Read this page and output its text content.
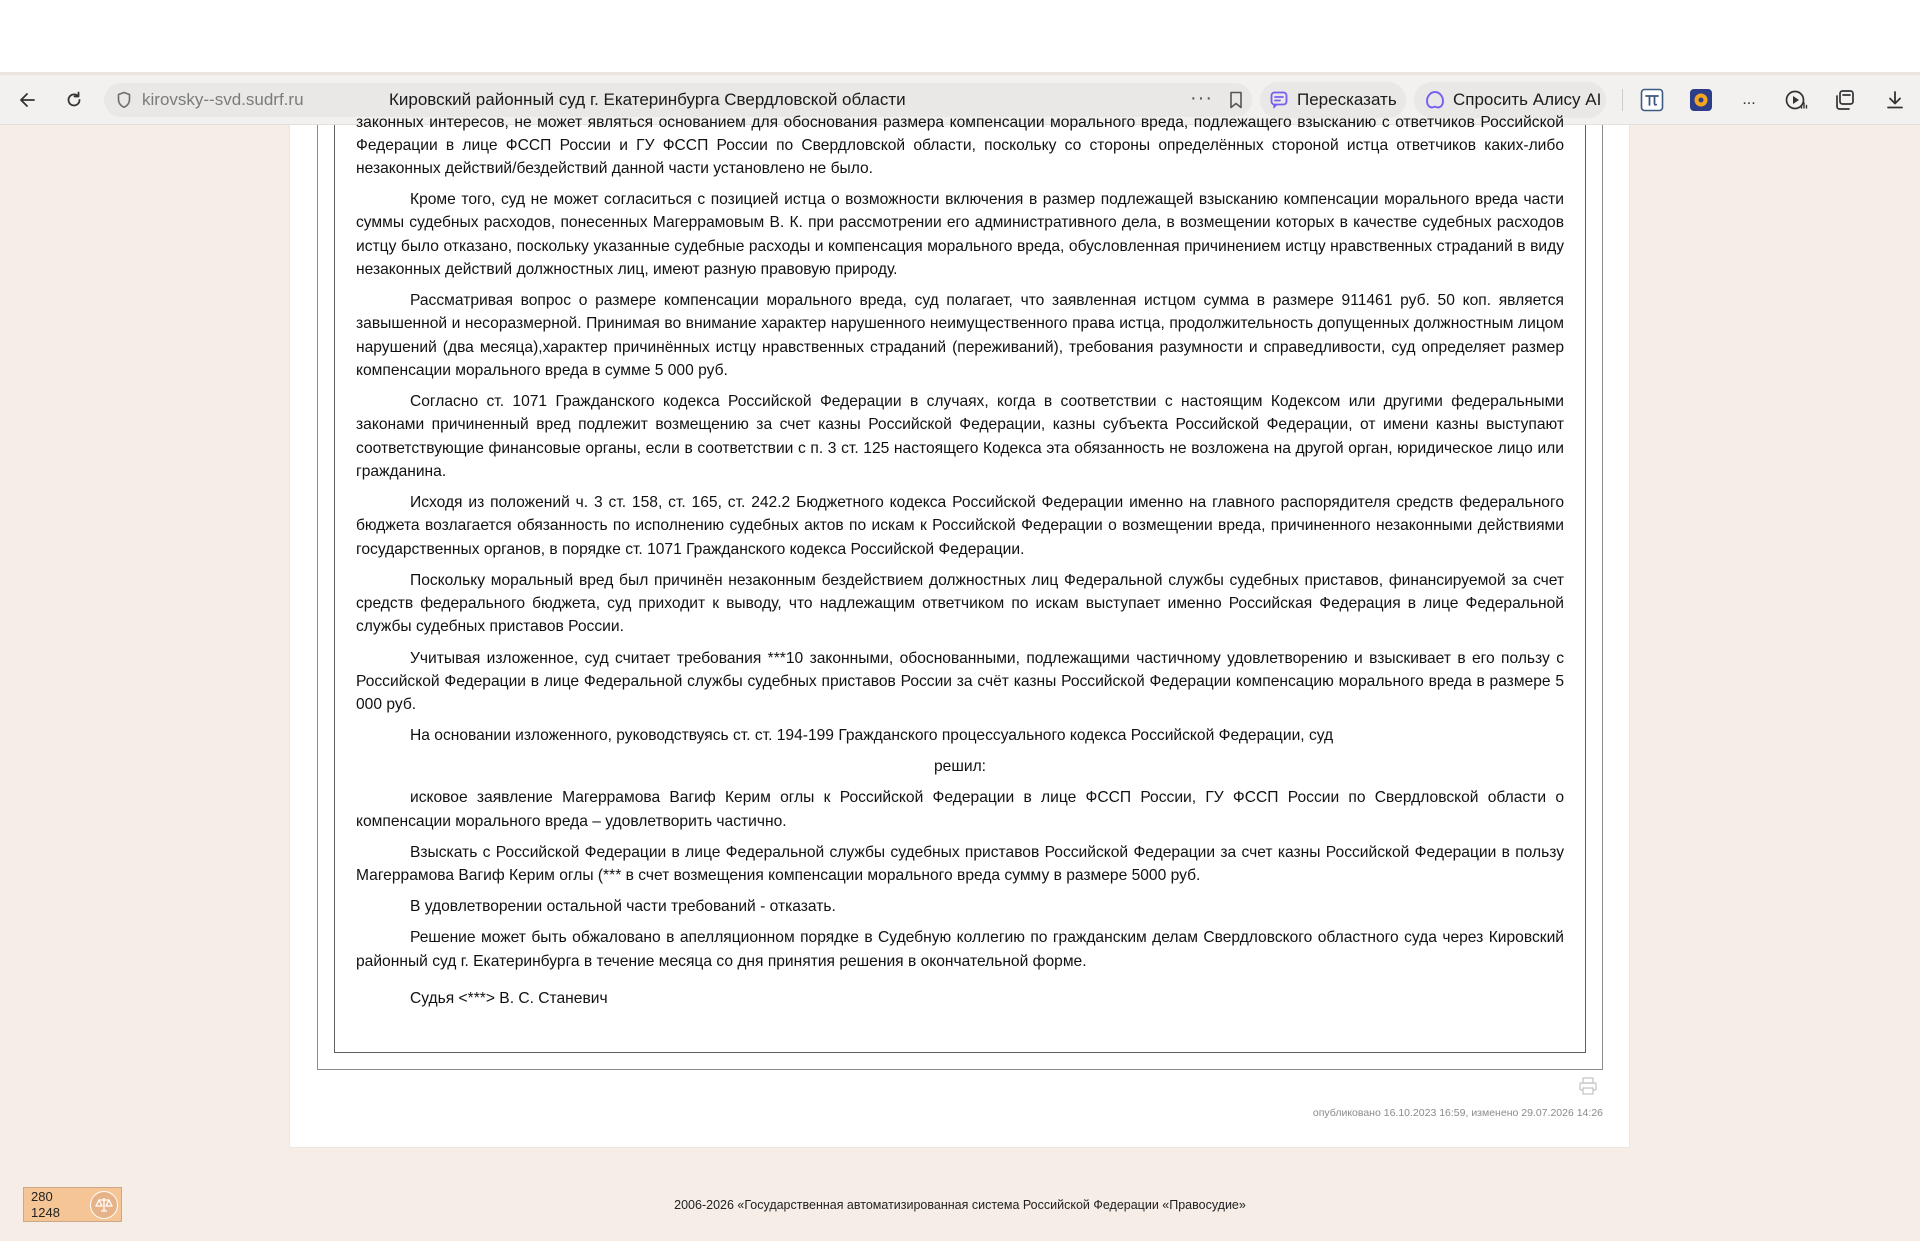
kirovsky--svd.sudrf.ru	Кировский районный суд г. Екатеринбурга Свердловской области	···	Пересказать	Спросить Алису AI	...

законных интересов, не может являться основанием для обоснования размера компенсации морального вреда, подлежащего взысканию с ответчиков Российской Федерации в лице ФССП России и ГУ ФССП России по Свердловской области, поскольку со стороны определённых стороной истца ответчиков каких-либо незаконных действий/бездействий данной части установлено не было.

Кроме того, суд не может согласиться с позицией истца о возможности включения в размер подлежащей взысканию компенсации морального вреда части суммы судебных расходов, понесенных Магеррамовым В. К. при рассмотрении его административного дела, в возмещении которых в качестве судебных расходов истцу было отказано, поскольку указанные судебные расходы и компенсация морального вреда, обусловленная причинением истцу нравственных страданий в виду незаконных действий должностных лиц, имеют разную правовую природу.

Рассматривая вопрос о размере компенсации морального вреда, суд полагает, что заявленная истцом сумма в размере 911461 руб. 50 коп. является завышенной и несоразмерной. Принимая во внимание характер нарушенного неимущественного права истца, продолжительность допущенных должностным лицом нарушений (два месяца),характер причинённых истцу нравственных страданий (переживаний), требования разумности и справедливости, суд определяет размер компенсации морального вреда в сумме 5 000 руб.

Согласно ст. 1071 Гражданского кодекса Российской Федерации в случаях, когда в соответствии с настоящим Кодексом или другими федеральными законами причиненный вред подлежит возмещению за счет казны Российской Федерации, казны субъекта Российской Федерации, от имени казны выступают соответствующие финансовые органы, если в соответствии с п. 3 ст. 125 настоящего Кодекса эта обязанность не возложена на другой орган, юридическое лицо или гражданина.

Исходя из положений ч. 3 ст. 158, ст. 165, ст. 242.2 Бюджетного кодекса Российской Федерации именно на главного распорядителя средств федерального бюджета возлагается обязанность по исполнению судебных актов по искам к Российской Федерации о возмещении вреда, причиненного незаконными действиями государственных органов, в порядке ст. 1071 Гражданского кодекса Российской Федерации.

Поскольку моральный вред был причинён незаконным бездействием должностных лиц Федеральной службы судебных приставов, финансируемой за счет средств федерального бюджета, суд приходит к выводу, что надлежащим ответчиком по искам выступает именно Российская Федерация в лице Федеральной службы судебных приставов России.

Учитывая изложенное, суд считает требования ***10 законными, обоснованными, подлежащими частичному удовлетворению и взыскивает в его пользу с Российской Федерации в лице Федеральной службы судебных приставов России за счёт казны Российской Федерации компенсацию морального вреда в размере 5 000 руб.

На основании изложенного, руководствуясь ст. ст. 194-199 Гражданского процессуального кодекса Российской Федерации, суд

решил:

исковое заявление Магеррамова Вагиф Керим оглы к Российской Федерации в лице ФССП России, ГУ ФССП России по Свердловской области о компенсации морального вреда – удовлетворить частично.

Взыскать с Российской Федерации в лице Федеральной службы судебных приставов Российской Федерации за счет казны Российской Федерации в пользу Магеррамова Вагиф Керим оглы (*** в счет возмещения компенсации морального вреда сумму в размере 5000 руб.

В удовлетворении остальной части требований - отказать.

Решение может быть обжаловано в апелляционном порядке в Судебную коллегию по гражданским делам Свердловского областного суда через Кировский районный суд г. Екатеринбурга в течение месяца со дня принятия решения в окончательной форме.

Судья <***> В. С. Станевич

опубликовано 16.10.2023 16:59, изменено 29.07.2026 14:26
280
1248	2006-2026 «Государственная автоматизированная система Российской Федерации «Правосудие»
